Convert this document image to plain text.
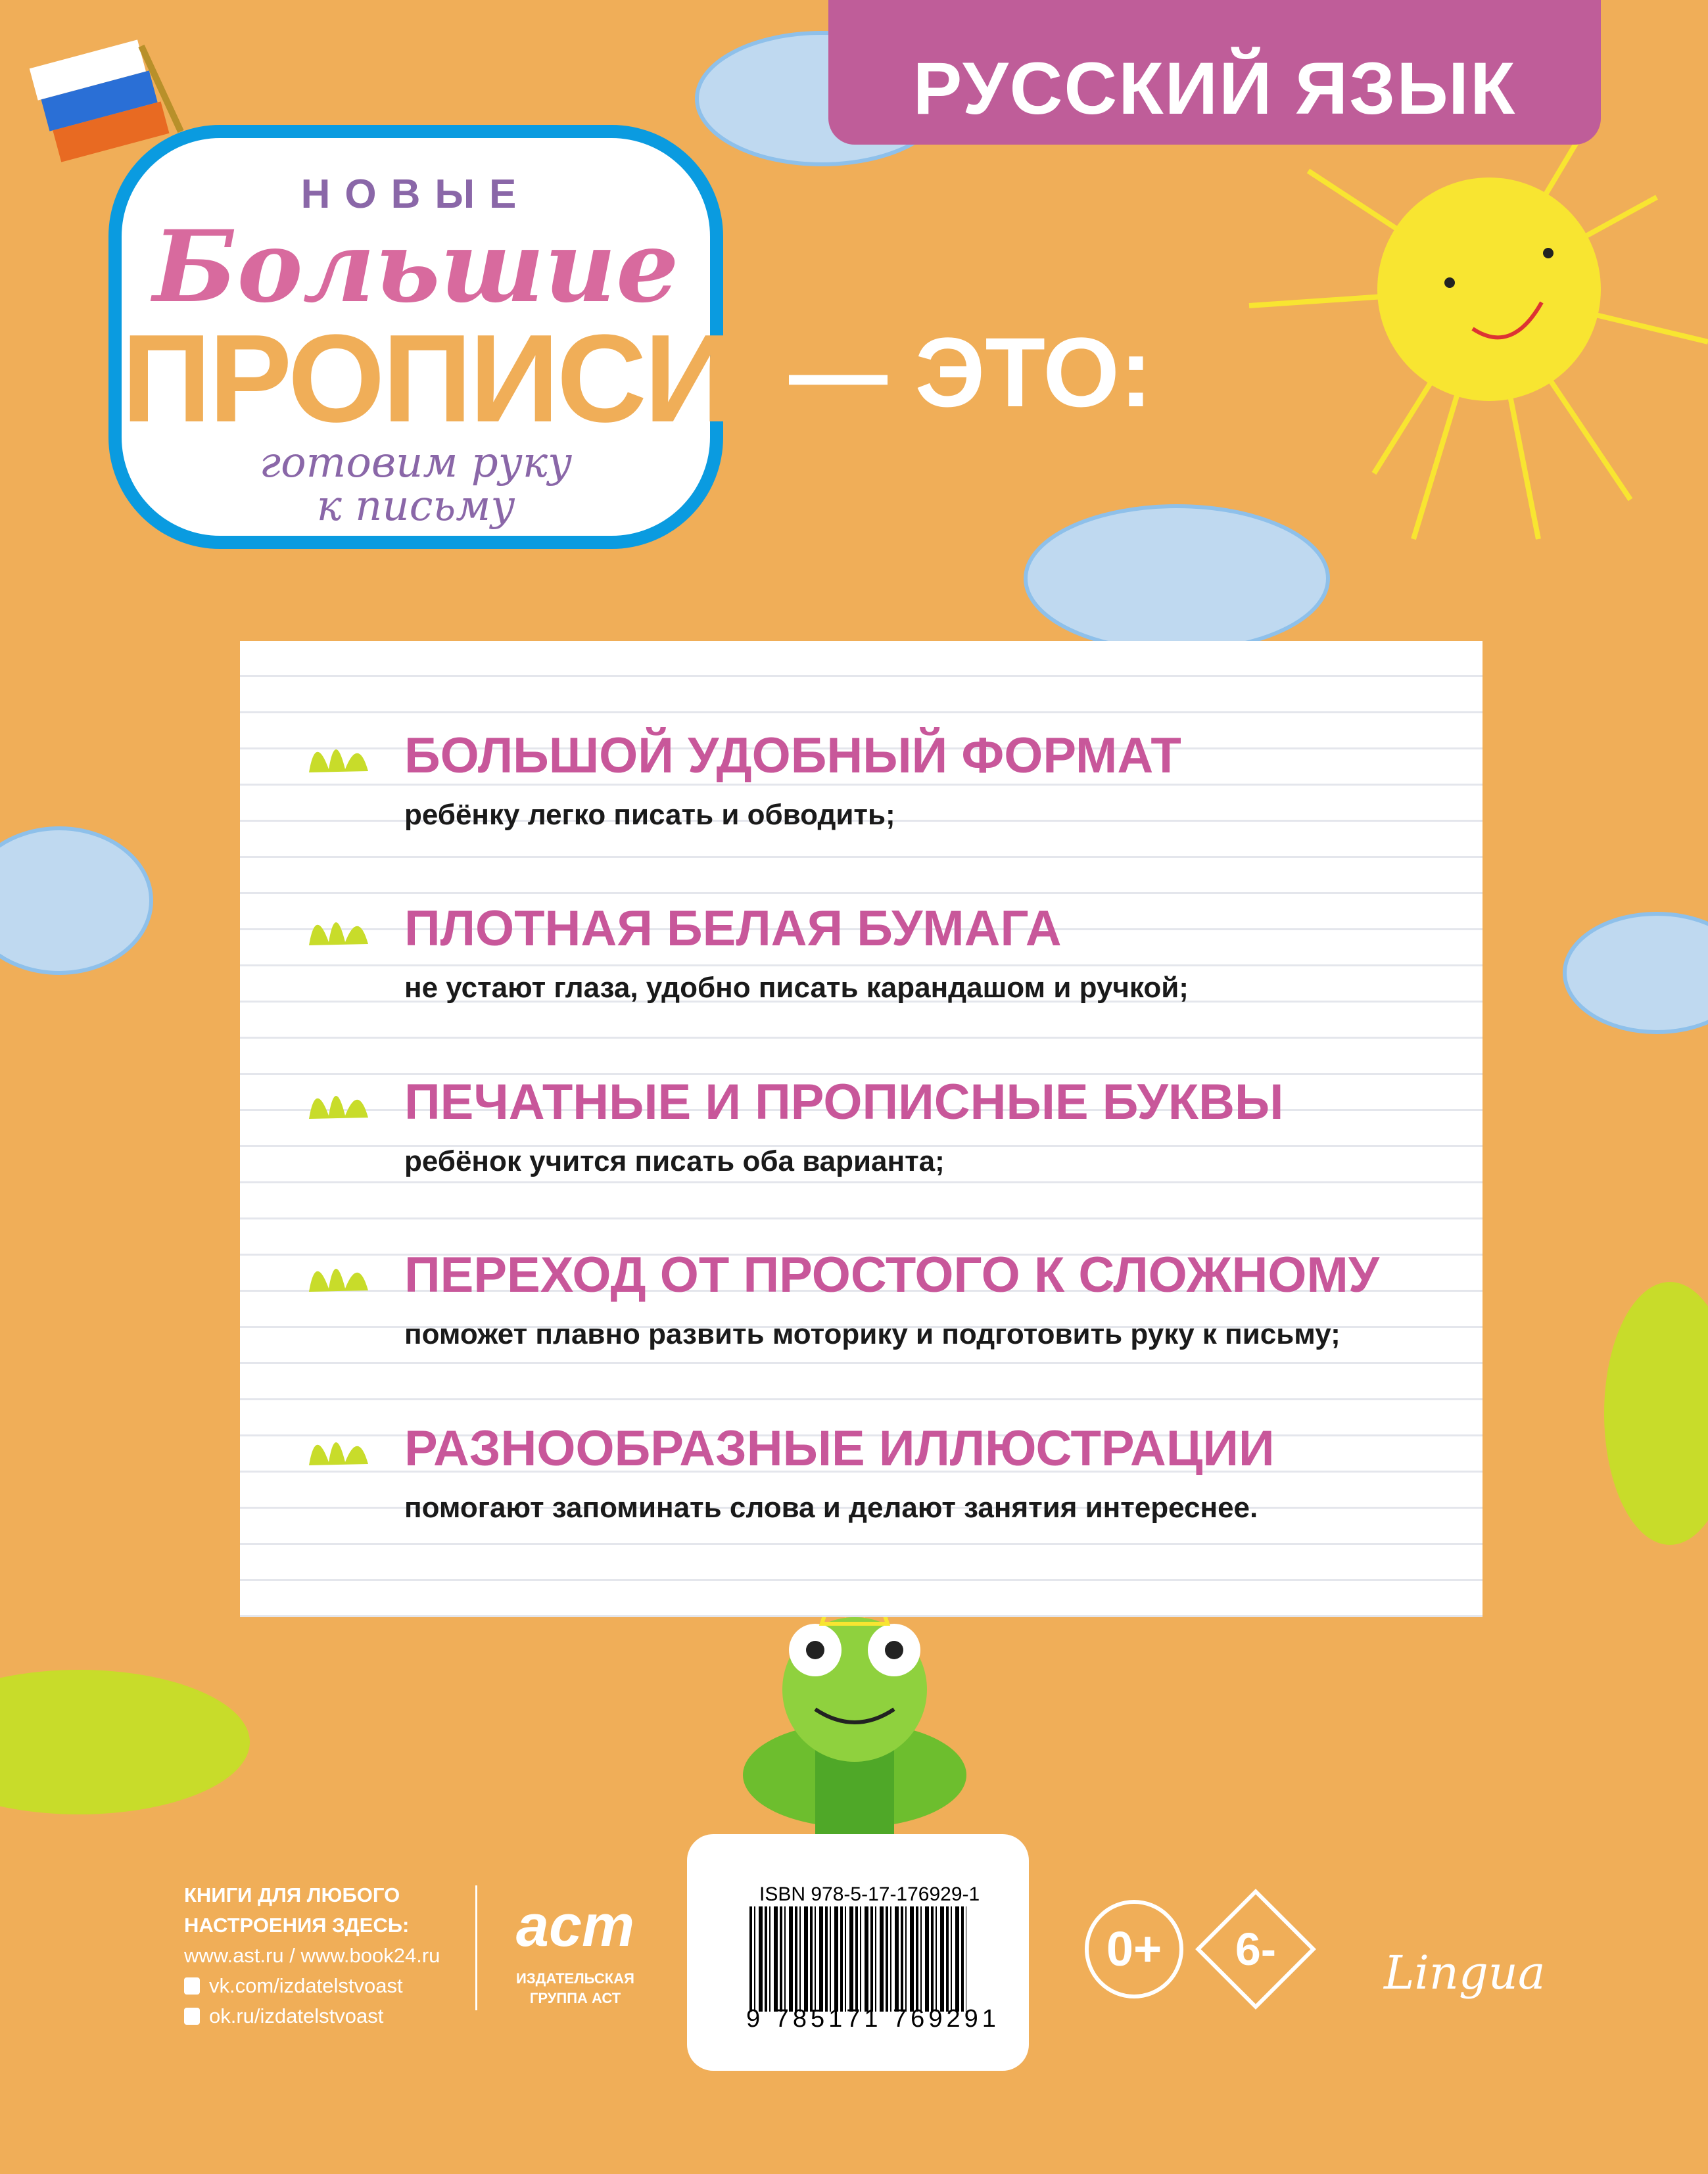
РУССКИЙ ЯЗЫК
НОВЫЕ
Большие
ПРОПИСИ
готовим руку
к письму
— ЭТО:
БОЛЬШОЙ УДОБНЫЙ ФОРМАТ
ребёнку легко писать и обводить;
ПЛОТНАЯ БЕЛАЯ БУМАГА
не устают глаза, удобно писать карандашом и ручкой;
ПЕЧАТНЫЕ И ПРОПИСНЫЕ БУКВЫ
ребёнок учится писать оба варианта;
ПЕРЕХОД ОТ ПРОСТОГО К СЛОЖНОМУ
поможет плавно развить моторику и подготовить руку к письму;
РАЗНООБРАЗНЫЕ ИЛЛЮСТРАЦИИ
помогают запоминать слова и делают занятия интереснее.
КНИГИ ДЛЯ ЛЮБОГО
НАСТРОЕНИЯ ЗДЕСЬ:
www.ast.ru / www.book24.ru
vk.com/izdatelstvoast
ok.ru/izdatelstvoast
аст
ИЗДАТЕЛЬСКАЯ
ГРУППА АСТ
ISBN 978-5-17-176929-1
9 785171 769291
0+	6-	Lingua
